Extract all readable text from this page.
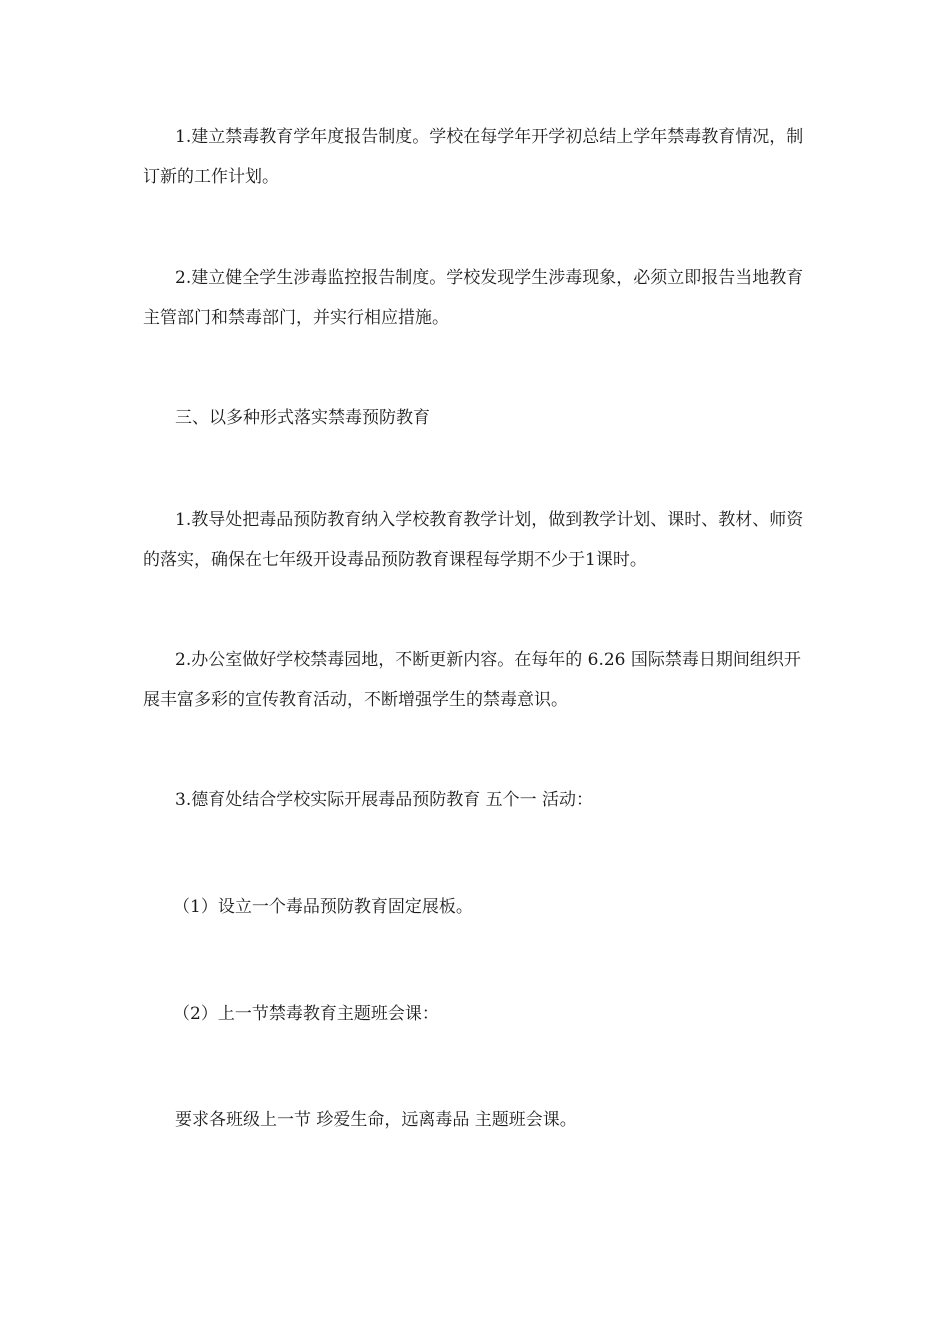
1.建立禁毒教育学年度报告制度。学校在每学年开学初总结上学年禁毒教育情况，制订新的工作计划。

2.建立健全学生涉毒监控报告制度。学校发现学生涉毒现象，必须立即报告当地教育主管部门和禁毒部门，并实行相应措施。

三、以多种形式落实禁毒预防教育

1.教导处把毒品预防教育纳入学校教育教学计划，做到教学计划、课时、教材、师资的落实，确保在七年级开设毒品预防教育课程每学期不少于1课时。

2.办公室做好学校禁毒园地，不断更新内容。在每年的 6.26 国际禁毒日期间组织开展丰富多彩的宣传教育活动，不断增强学生的禁毒意识。

3.德育处结合学校实际开展毒品预防教育 五个一 活动：

（1）设立一个毒品预防教育固定展板。

（2）上一节禁毒教育主题班会课：

要求各班级上一节 珍爱生命，远离毒品 主题班会课。
